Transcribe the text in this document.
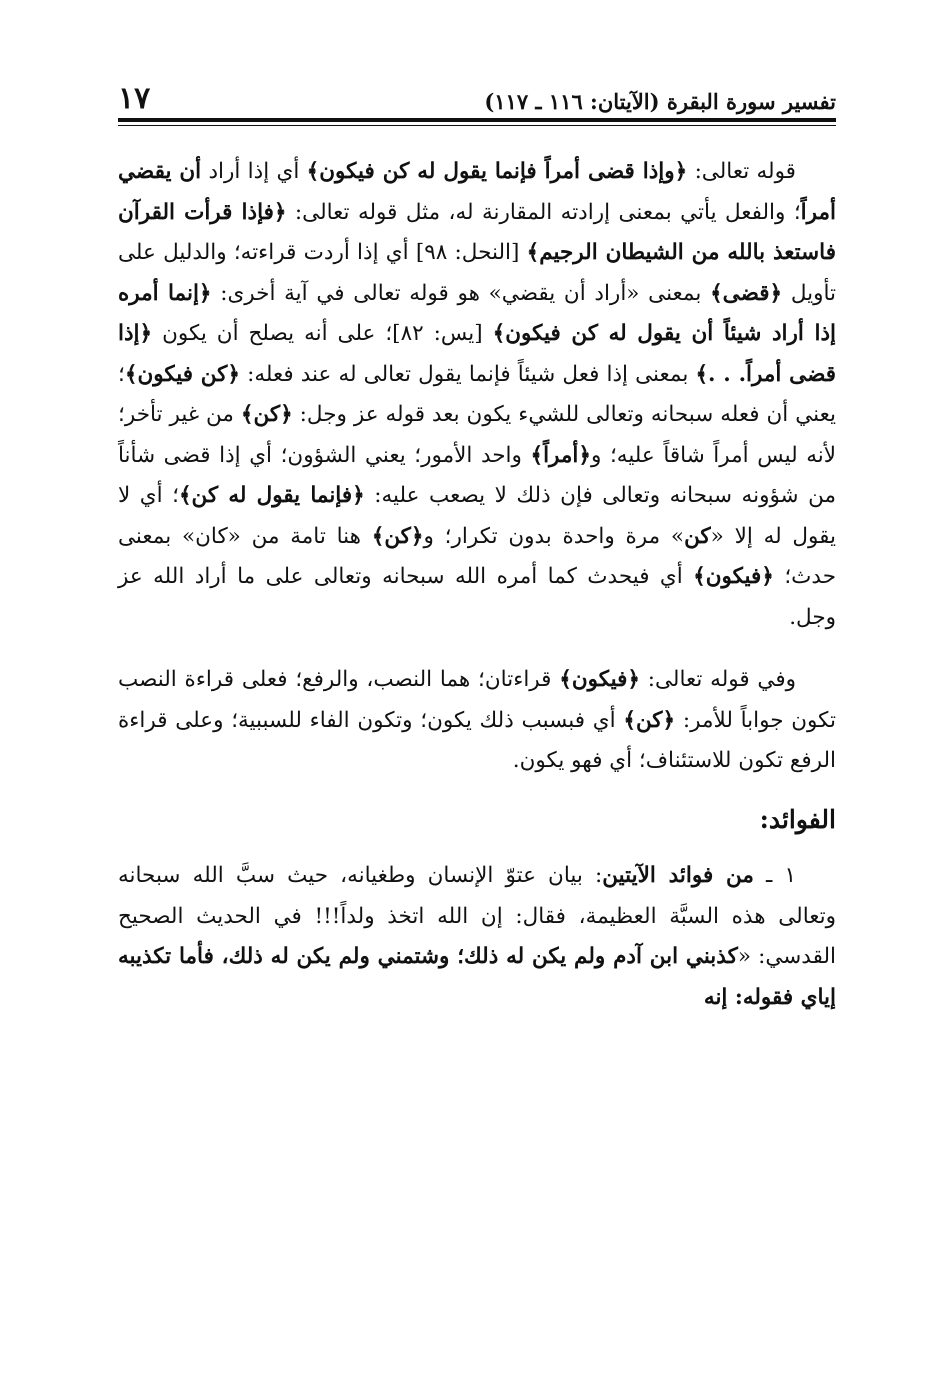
١٧	تفسير سورة البقرة (الآيتان: ١١٦ ـ ١١٧)

قوله تعالى: ﴿وإذا قضى أمراً فإنما يقول له كن فيكون﴾ أي إذا أراد أن يقضي أمراً؛ والفعل يأتي بمعنى إرادته المقارنة له، مثل قوله تعالى: ﴿فإذا قرأت القرآن فاستعذ بالله من الشيطان الرجيم﴾ [النحل: ٩٨] أي إذا أردت قراءته؛ والدليل على تأويل ﴿قضى﴾ بمعنى «أراد أن يقضي» هو قوله تعالى في آية أخرى: ﴿إنما أمره إذا أراد شيئاً أن يقول له كن فيكون﴾ [يس: ٨٢]؛ على أنه يصلح أن يكون ﴿إذا قضى أمراً. . .﴾ بمعنى إذا فعل شيئاً فإنما يقول تعالى له عند فعله: ﴿كن فيكون﴾؛ يعني أن فعله سبحانه وتعالى للشيء يكون بعد قوله عز وجل: ﴿كن﴾ من غير تأخر؛ لأنه ليس أمراً شاقاً عليه؛ و﴿أمراً﴾ واحد الأمور؛ يعني الشؤون؛ أي إذا قضى شأناً من شؤونه سبحانه وتعالى فإن ذلك لا يصعب عليه: ﴿فإنما يقول له كن﴾؛ أي لا يقول له إلا «كن» مرة واحدة بدون تكرار؛ و﴿كن﴾ هنا تامة من «كان» بمعنى حدث؛ ﴿فيكون﴾ أي فيحدث كما أمره الله سبحانه وتعالى على ما أراد الله عز وجل.

وفي قوله تعالى: ﴿فيكون﴾ قراءتان؛ هما النصب، والرفع؛ فعلى قراءة النصب تكون جواباً للأمر: ﴿كن﴾ أي فبسبب ذلك يكون؛ وتكون الفاء للسببية؛ وعلى قراءة الرفع تكون للاستئناف؛ أي فهو يكون.

الفوائد:

١ ـ من فوائد الآيتين: بيان عتوّ الإنسان وطغيانه، حيث سبَّ الله سبحانه وتعالى هذه السبَّة العظيمة، فقال: إن الله اتخذ ولداً!!! في الحديث الصحيح القدسي: «كذبني ابن آدم ولم يكن له ذلك؛ وشتمني ولم يكن له ذلك، فأما تكذيبه إياي فقوله: إنه
